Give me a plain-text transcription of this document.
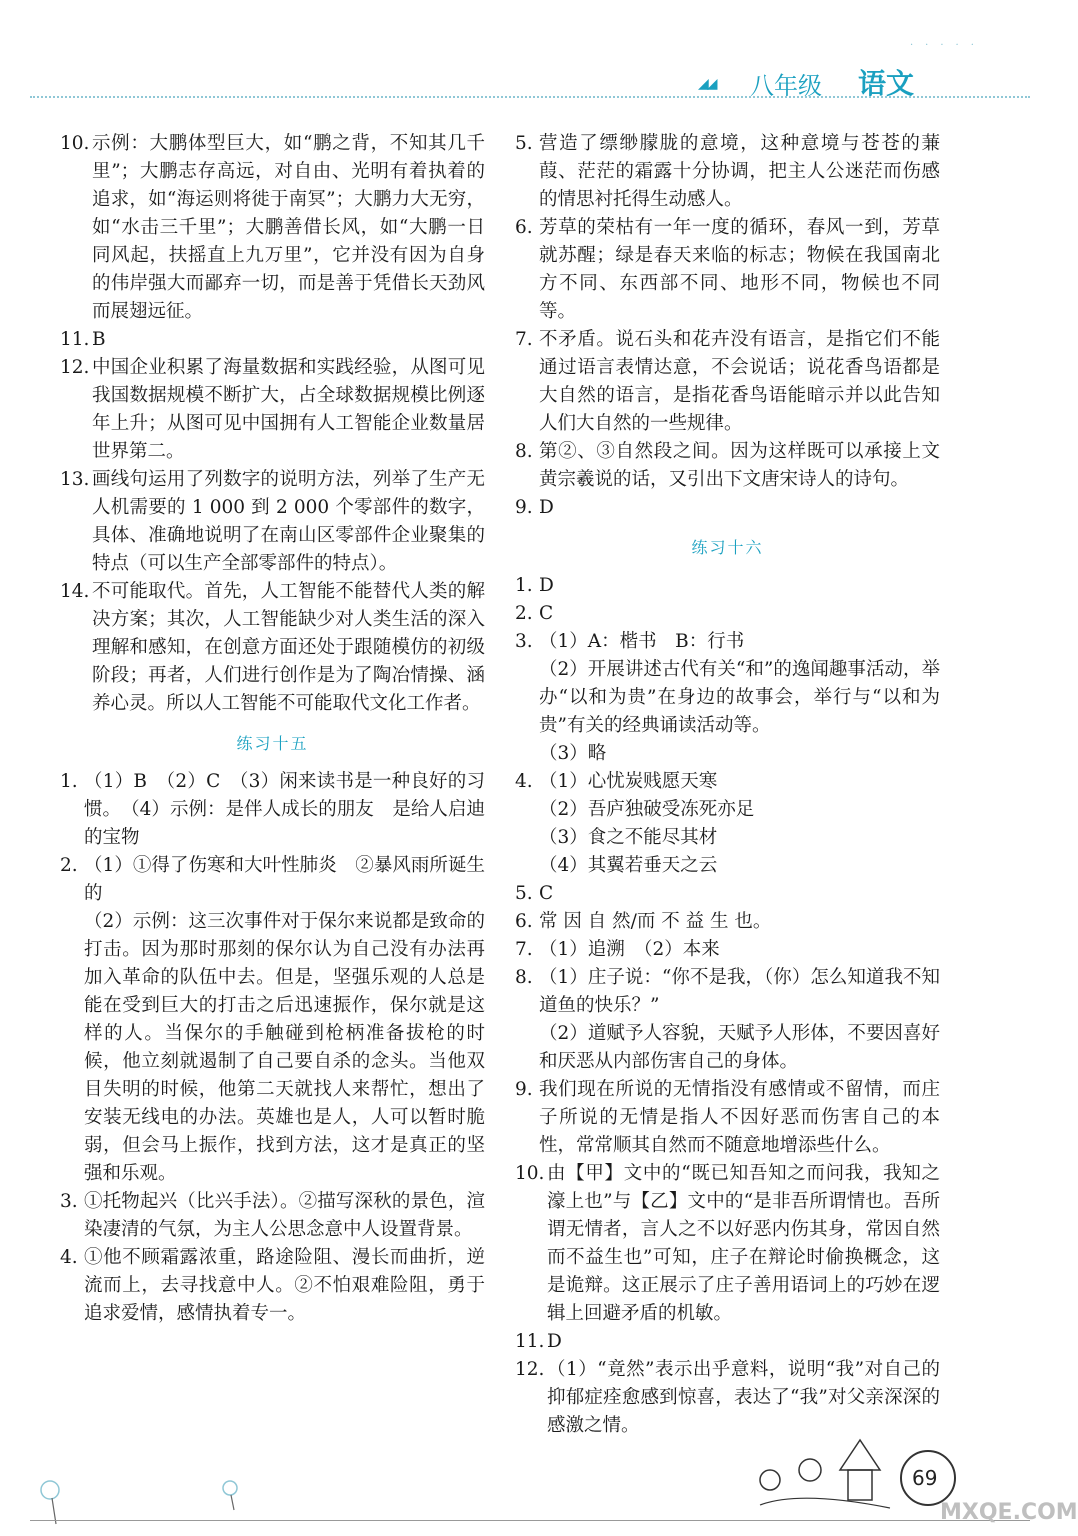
·····
◢◢ 八年级 语文

10. 示例：大鹏体型巨大，如“鹏之背，不知其几千里”；大鹏志存高远，对自由、光明有着执着的追求，如“海运则将徙于南冥”；大鹏力大无穷，如“水击三千里”；大鹏善借长风，如“大鹏一日同风起，扶摇直上九万里”，它并没有因为自身的伟岸强大而鄙弃一切，而是善于凭借长天劲风而展翅远征。

11. B

12. 中国企业积累了海量数据和实践经验，从图可见我国数据规模不断扩大，占全球数据规模比例逐年上升；从图可见中国拥有人工智能企业数量居世界第二。

13. 画线句运用了列数字的说明方法，列举了生产无人机需要的 1 000 到 2 000 个零部件的数字，具体、准确地说明了在南山区零部件企业聚集的特点（可以生产全部零部件的特点）。

14. 不可能取代。首先，人工智能不能替代人类的解决方案；其次，人工智能缺少对人类生活的深入理解和感知，在创意方面还处于跟随模仿的初级阶段；再者，人们进行创作是为了陶冶情操、涵养心灵。所以人工智能不可能取代文化工作者。

练习十五

1. （1）B　（2）C　（3）闲来读书是一种良好的习惯。　（4）示例：是伴人成长的朋友　是给人启迪的宝物

2. （1）①得了伤寒和大叶性肺炎　②暴风雨所诞生的

（2）示例：这三次事件对于保尔来说都是致命的打击。因为那时那刻的保尔认为自己没有办法再加入革命的队伍中去。但是，坚强乐观的人总是能在受到巨大的打击之后迅速振作，保尔就是这样的人。当保尔的手触碰到枪柄准备拔枪的时候，他立刻就遏制了自己要自杀的念头。当他双目失明的时候，他第二天就找人来帮忙，想出了安装无线电的办法。英雄也是人，人可以暂时脆弱，但会马上振作，找到方法，这才是真正的坚强和乐观。

3. ①托物起兴（比兴手法）。②描写深秋的景色，渲染凄清的气氛，为主人公思念意中人设置背景。

4. ①他不顾霜露浓重，路途险阻、漫长而曲折，逆流而上，去寻找意中人。②不怕艰难险阻，勇于追求爱情，感情执着专一。

5. 营造了缥缈朦胧的意境，这种意境与苍苍的蒹葭、茫茫的霜露十分协调，把主人公迷茫而伤感的情思衬托得生动感人。

6. 芳草的荣枯有一年一度的循环，春风一到，芳草就苏醒；绿是春天来临的标志；物候在我国南北方不同、东西部不同、地形不同，物候也不同等。

7. 不矛盾。说石头和花卉没有语言，是指它们不能通过语言表情达意，不会说话；说花香鸟语都是大自然的语言，是指花香鸟语能暗示并以此告知人们大自然的一些规律。

8. 第②、③自然段之间。因为这样既可以承接上文黄宗羲说的话，又引出下文唐宋诗人的诗句。

9. D

练习十六

1. D

2. C

3. （1）A：楷书　B：行书

（2）开展讲述古代有关“和”的逸闻趣事活动，举办“以和为贵”在身边的故事会，举行与“以和为贵”有关的经典诵读活动等。

（3）略

4. （1）心忧炭贱愿天寒

（2）吾庐独破受冻死亦足

（3）食之不能尽其材

（4）其翼若垂天之云

5. C

6. 常 因 自 然/而 不 益 生 也。

7. （1）追溯　（2）本来

8. （1）庄子说：“你不是我，（你）怎么知道我不知道鱼的快乐？”

（2）道赋予人容貌，天赋予人形体，不要因喜好和厌恶从内部伤害自己的身体。

9. 我们现在所说的无情指没有感情或不留情，而庄子所说的无情是指人不因好恶而伤害自己的本性，常常顺其自然而不随意地增添些什么。

10. 由【甲】文中的“既已知吾知之而问我，我知之濠上也”与【乙】文中的“是非吾所谓情也。吾所谓无情者，言人之不以好恶内伤其身，常因自然而不益生也”可知，庄子在辩论时偷换概念，这是诡辩。这正展示了庄子善用语词上的巧妙在逻辑上回避矛盾的机敏。

11. D

12. （1）“竟然”表示出乎意料，说明“我”对自己的抑郁症痊愈感到惊喜，表达了“我”对父亲深深的感激之情。

69
MXQE.COM
